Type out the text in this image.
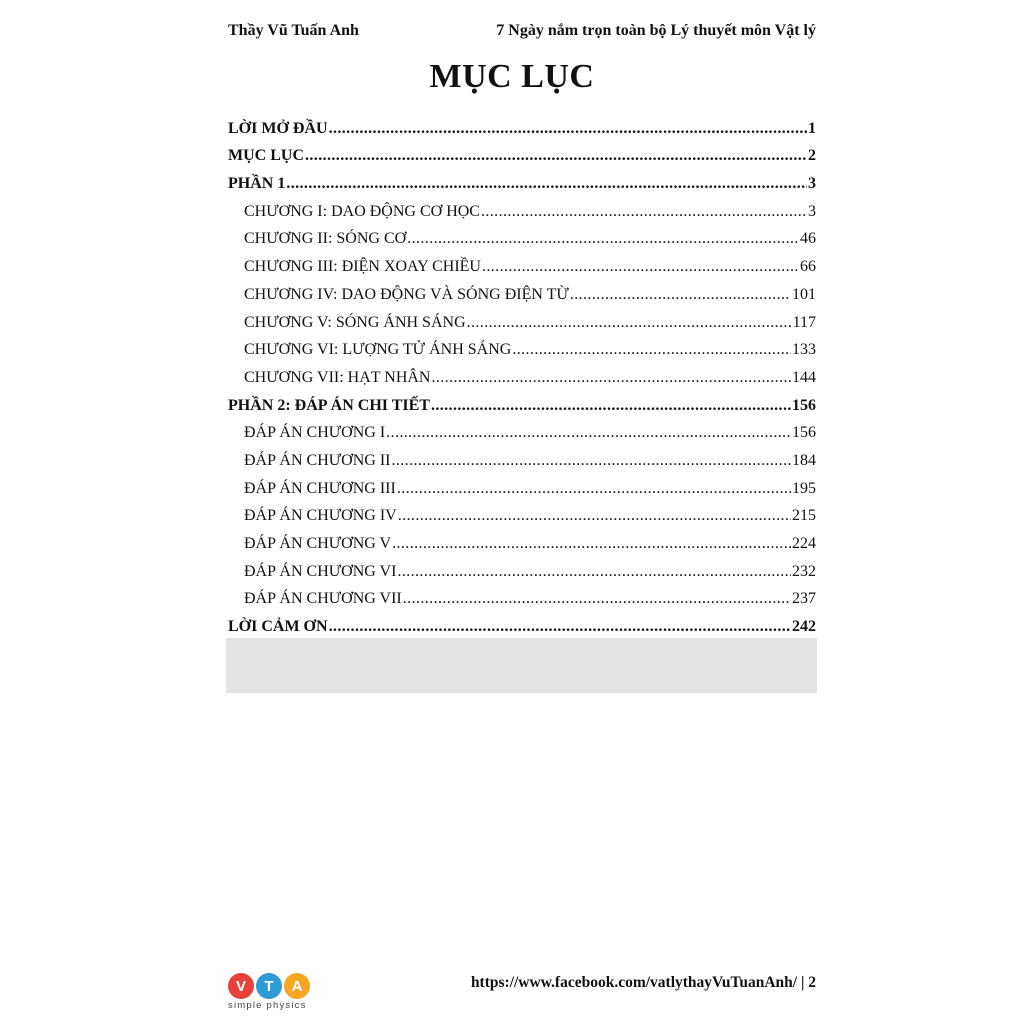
Thầy Vũ Tuấn Anh	7 Ngày nắm trọn toàn bộ Lý thuyết môn Vật lý
MỤC LỤC
LỜI MỞ ĐẦU .....	1
MỤC LỤC .....	2
PHẦN 1 .....	3
CHƯƠNG I: DAO ĐỘNG CƠ HỌC .....	3
CHƯƠNG II: SÓNG CƠ .....	46
CHƯƠNG III: ĐIỆN XOAY CHIỀU .....	66
CHƯƠNG IV: DAO ĐỘNG VÀ SÓNG ĐIỆN TỪ .....	101
CHƯƠNG V: SÓNG ÁNH SÁNG .....	117
CHƯƠNG VI: LƯỢNG TỬ ÁNH SÁNG .....	133
CHƯƠNG VII: HẠT NHÂN .....	144
PHẦN 2: ĐÁP ÁN CHI TIẾT .....	156
ĐÁP ÁN CHƯƠNG I .....	156
ĐÁP ÁN CHƯƠNG II .....	184
ĐÁP ÁN CHƯƠNG III .....	195
ĐÁP ÁN CHƯƠNG IV .....	215
ĐÁP ÁN CHƯƠNG V .....	224
ĐÁP ÁN CHƯƠNG VI .....	232
ĐÁP ÁN CHƯƠNG VII .....	237
LỜI CẢM ƠN .....	242
V	T	A
simple physics
https://www.facebook.com/vatlythayVuTuanAnh/ | 2
